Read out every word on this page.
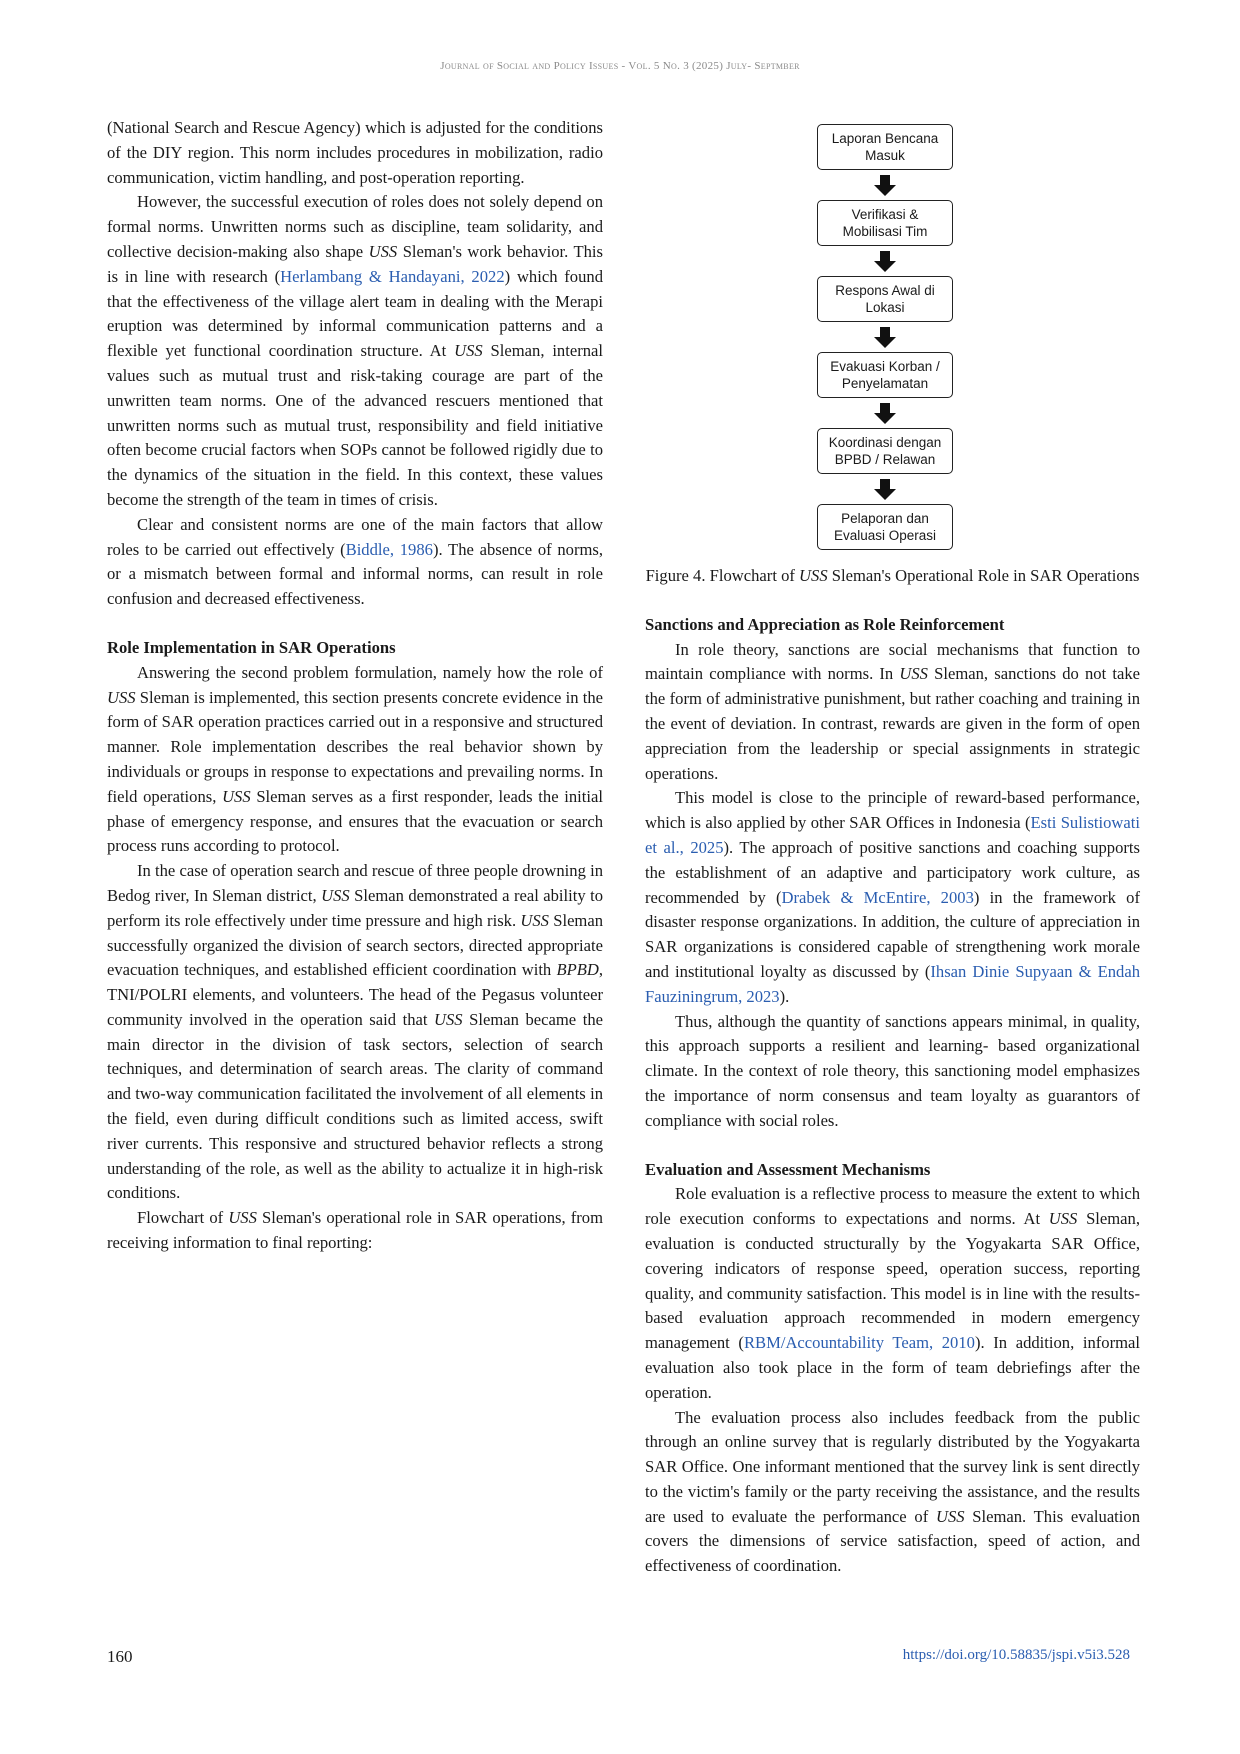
Journal of Social and Policy Issues - Vol. 5 No. 3 (2025) July- Septmber

(National Search and Rescue Agency) which is adjusted for the conditions of the DIY region. This norm includes procedures in mobilization, radio communication, victim handling, and post-operation reporting.

However, the successful execution of roles does not solely depend on formal norms. Unwritten norms such as discipline, team solidarity, and collective decision-making also shape USS Sleman's work behavior. This is in line with research (Herlambang & Handayani, 2022) which found that the effectiveness of the village alert team in dealing with the Merapi eruption was determined by informal communication patterns and a flexible yet functional coordination structure. At USS Sleman, internal values such as mutual trust and risk-taking courage are part of the unwritten team norms. One of the advanced rescuers mentioned that unwritten norms such as mutual trust, responsibility and field initiative often become crucial factors when SOPs cannot be followed rigidly due to the dynamics of the situation in the field. In this context, these values become the strength of the team in times of crisis.

Clear and consistent norms are one of the main factors that allow roles to be carried out effectively (Biddle, 1986). The absence of norms, or a mismatch between formal and informal norms, can result in role confusion and decreased effectiveness.

Role Implementation in SAR Operations

Answering the second problem formulation, namely how the role of USS Sleman is implemented, this section presents concrete evidence in the form of SAR operation practices carried out in a responsive and structured manner. Role implementation describes the real behavior shown by individuals or groups in response to expectations and prevailing norms. In field operations, USS Sleman serves as a first responder, leads the initial phase of emergency response, and ensures that the evacuation or search process runs according to protocol.

In the case of operation search and rescue of three people drowning in Bedog river, In Sleman district, USS Sleman demonstrated a real ability to perform its role effectively under time pressure and high risk. USS Sleman successfully organized the division of search sectors, directed appropriate evacuation techniques, and established efficient coordination with BPBD, TNI/POLRI elements, and volunteers. The head of the Pegasus volunteer community involved in the operation said that USS Sleman became the main director in the division of task sectors, selection of search techniques, and determination of search areas. The clarity of command and two-way communication facilitated the involvement of all elements in the field, even during difficult conditions such as limited access, swift river currents. This responsive and structured behavior reflects a strong understanding of the role, as well as the ability to actualize it in high-risk conditions.

Flowchart of USS Sleman's operational role in SAR operations, from receiving information to final reporting:

Laporan Bencana Masuk
Verifikasi & Mobilisasi Tim
Respons Awal di Lokasi
Evakuasi Korban / Penyelamatan
Koordinasi dengan BPBD / Relawan
Pelaporan dan Evaluasi Operasi

Figure 4. Flowchart of USS Sleman's Operational Role in SAR Operations

Sanctions and Appreciation as Role Reinforcement

In role theory, sanctions are social mechanisms that function to maintain compliance with norms. In USS Sleman, sanctions do not take the form of administrative punishment, but rather coaching and training in the event of deviation. In contrast, rewards are given in the form of open appreciation from the leadership or special assignments in strategic operations.

This model is close to the principle of reward-based performance, which is also applied by other SAR Offices in Indonesia (Esti Sulistiowati et al., 2025). The approach of positive sanctions and coaching supports the establishment of an adaptive and participatory work culture, as recommended by (Drabek & McEntire, 2003) in the framework of disaster response organizations. In addition, the culture of appreciation in SAR organizations is considered capable of strengthening work morale and institutional loyalty as discussed by (Ihsan Dinie Supyaan & Endah Fauziningrum, 2023).

Thus, although the quantity of sanctions appears minimal, in quality, this approach supports a resilient and learning- based organizational climate. In the context of role theory, this sanctioning model emphasizes the importance of norm consensus and team loyalty as guarantors of compliance with social roles.

Evaluation and Assessment Mechanisms

Role evaluation is a reflective process to measure the extent to which role execution conforms to expectations and norms. At USS Sleman, evaluation is conducted structurally by the Yogyakarta SAR Office, covering indicators of response speed, operation success, reporting quality, and community satisfaction. This model is in line with the results-based evaluation approach recommended in modern emergency management (RBM/Accountability Team, 2010). In addition, informal evaluation also took place in the form of team debriefings after the operation.

The evaluation process also includes feedback from the public through an online survey that is regularly distributed by the Yogyakarta SAR Office. One informant mentioned that the survey link is sent directly to the victim's family or the party receiving the assistance, and the results are used to evaluate the performance of USS Sleman. This evaluation covers the dimensions of service satisfaction, speed of action, and effectiveness of coordination.

160	https://doi.org/10.58835/jspi.v5i3.528
